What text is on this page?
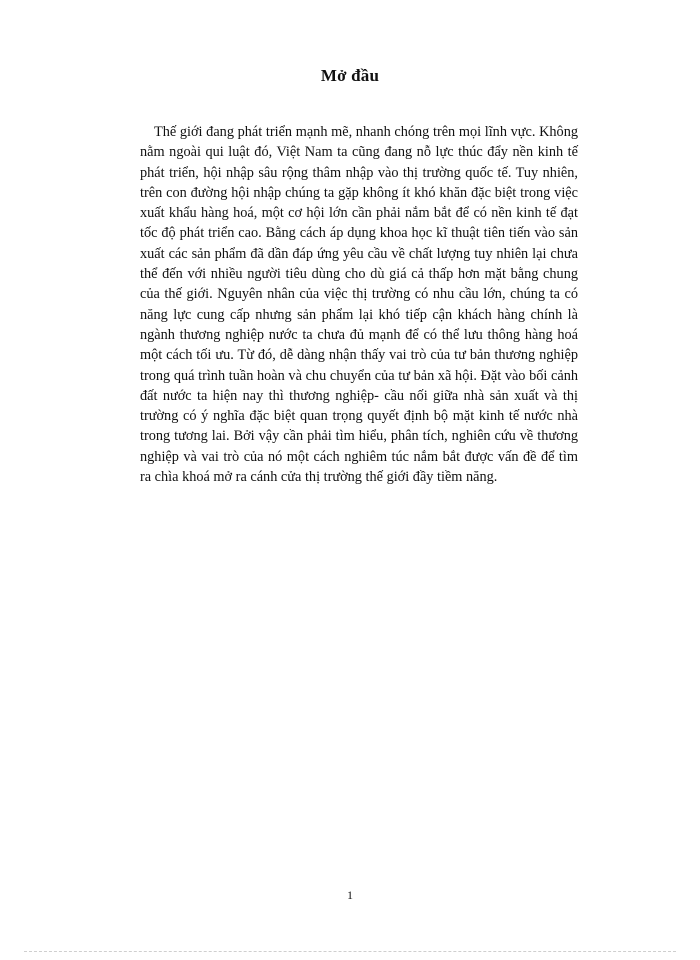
Mở đầu

Thế giới đang phát triển mạnh mẽ, nhanh chóng trên mọi lĩnh vực. Không nằm ngoài qui luật đó, Việt Nam ta cũng đang nỗ lực thúc đẩy nền kinh tế phát triển, hội nhập sâu rộng thâm nhập vào thị trường quốc tế. Tuy nhiên, trên con đường hội nhập chúng ta gặp không ít khó khăn đặc biệt trong việc xuất khẩu hàng hoá, một cơ hội lớn cần phải nắm bắt để có nền kinh tế đạt tốc độ phát triển cao. Bằng cách áp dụng khoa học kĩ thuật tiên tiến vào sản xuất các sản phẩm đã dần đáp ứng yêu cầu về chất lượng tuy nhiên lại chưa thể đến với nhiều người tiêu dùng cho dù giá cả thấp hơn mặt bằng chung của thế giới. Nguyên nhân của việc thị trường có nhu cầu lớn, chúng ta có năng lực cung cấp nhưng sản phẩm lại khó tiếp cận khách hàng chính là ngành thương nghiệp nước ta chưa đủ mạnh để có thể lưu thông hàng hoá một cách tối ưu. Từ đó, dễ dàng nhận thấy vai trò của tư bản thương nghiệp trong quá trình tuần hoàn và chu chuyển của tư bản xã hội. Đặt vào bối cảnh đất nước ta hiện nay thì thương nghiệp- cầu nối giữa nhà sản xuất và thị trường có ý nghĩa đặc biệt quan trọng quyết định bộ mặt kinh tế nước nhà trong tương lai. Bởi vậy cần phải tìm hiểu, phân tích, nghiên cứu về thương nghiệp và vai trò của nó một cách nghiêm túc nắm bắt được vấn đề để tìm ra chìa khoá mở ra cánh cửa thị trường thế giới đầy tiềm năng.

1
